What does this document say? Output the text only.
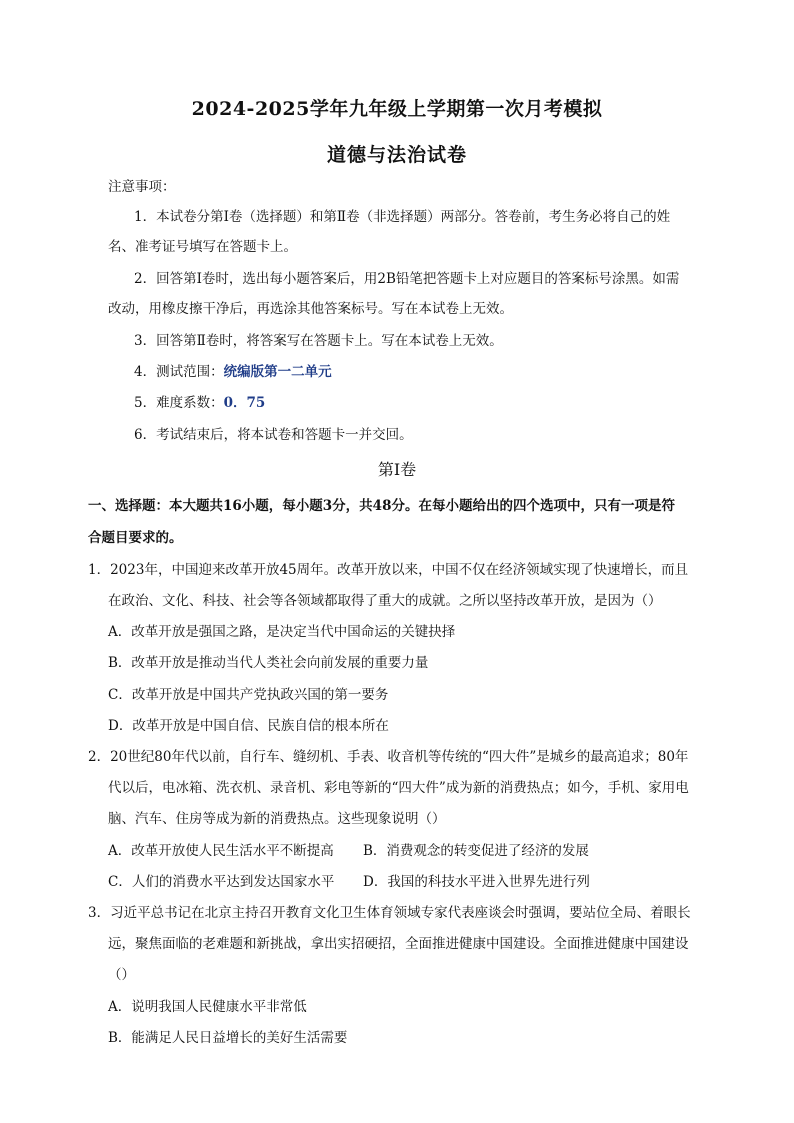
2024-2025学年九年级上学期第一次月考模拟
道德与法治试卷
注意事项：
1．本试卷分第Ⅰ卷（选择题）和第Ⅱ卷（非选择题）两部分。答卷前，考生务必将自己的姓
名、准考证号填写在答题卡上。
2．回答第Ⅰ卷时，选出每小题答案后，用2B铅笔把答题卡上对应题目的答案标号涂黑。如需
改动，用橡皮擦干净后，再选涂其他答案标号。写在本试卷上无效。
3．回答第Ⅱ卷时，将答案写在答题卡上。写在本试卷上无效。
4．测试范围：统编版第一二单元
5．难度系数：0．75
6．考试结束后，将本试卷和答题卡一并交回。
第Ⅰ卷
一、选择题：本大题共16小题，每小题3分，共48分。在每小题给出的四个选项中，只有一项是符
合题目要求的。
1．2023年，中国迎来改革开放45周年。改革开放以来，中国不仅在经济领域实现了快速增长，而且
在政治、文化、科技、社会等各领域都取得了重大的成就。之所以坚持改革开放，是因为（）
A．改革开放是强国之路，是决定当代中国命运的关键抉择
B．改革开放是推动当代人类社会向前发展的重要力量
C．改革开放是中国共产党执政兴国的第一要务
D．改革开放是中国自信、民族自信的根本所在
2．20世纪80年代以前，自行车、缝纫机、手表、收音机等传统的“四大件”是城乡的最高追求；80年
代以后，电冰箱、洗衣机、录音机、彩电等新的“四大件”成为新的消费热点；如今，手机、家用电
脑、汽车、住房等成为新的消费热点。这些现象说明（）
A．改革开放使人民生活水平不断提高 B．消费观念的转变促进了经济的发展
C．人们的消费水平达到发达国家水平 D．我国的科技水平进入世界先进行列
3．习近平总书记在北京主持召开教育文化卫生体育领域专家代表座谈会时强调，要站位全局、着眼长
远，聚焦面临的老难题和新挑战，拿出实招硬招，全面推进健康中国建设。全面推进健康中国建设
（）
A．说明我国人民健康水平非常低
B．能满足人民日益增长的美好生活需要
